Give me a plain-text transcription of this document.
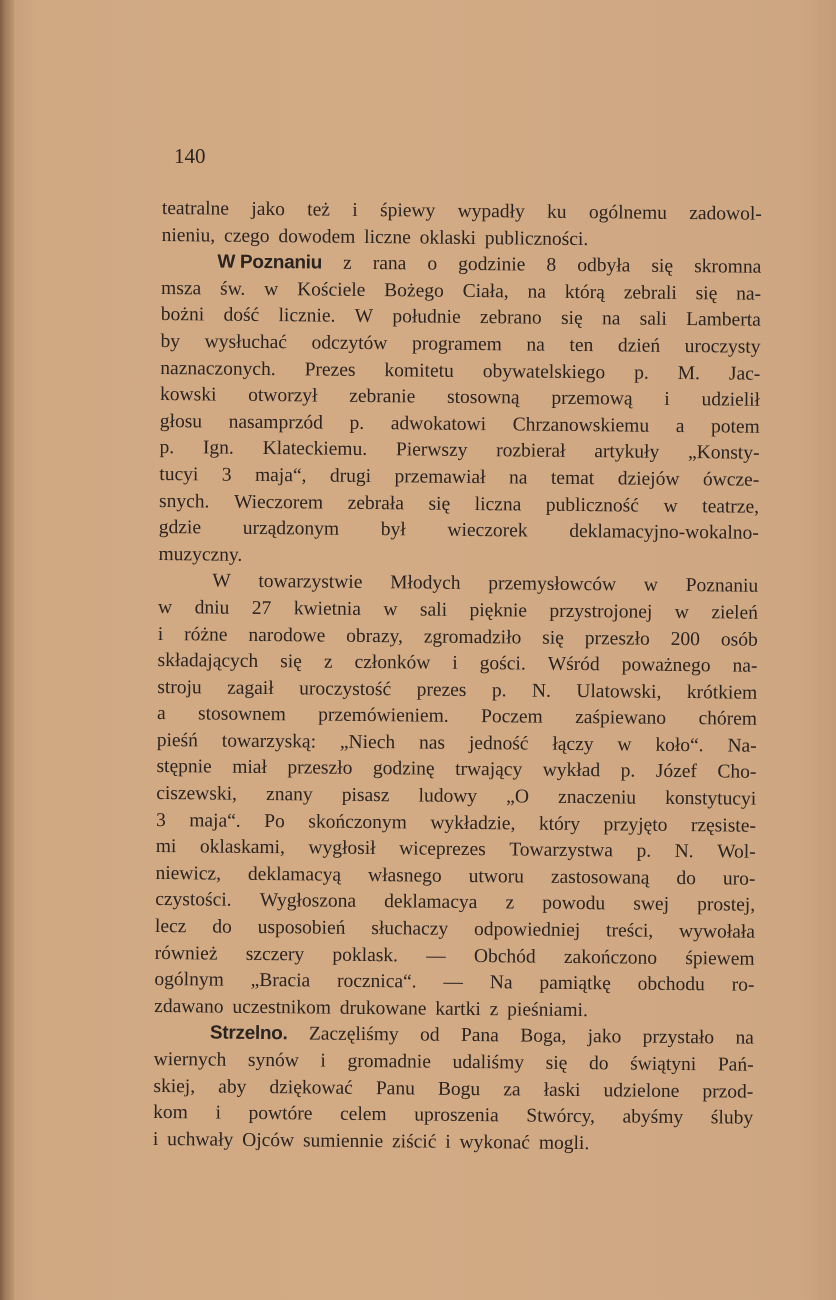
140
teatralne jako też i śpiewy wypadły ku ogólnemu zadowol-
nieniu, czego dowodem liczne oklaski publiczności.
W Poznaniu z rana o godzinie 8 odbyła się skromna
msza św. w Kościele Bożego Ciała, na którą zebrali się na-
bożni dość licznie. W południe zebrano się na sali Lamberta
by wysłuchać odczytów programem na ten dzień uroczysty
naznaczonych. Prezes komitetu obywatelskiego p. M. Jac-
kowski otworzył zebranie stosowną przemową i udzielił
głosu nasamprzód p. adwokatowi Chrzanowskiemu a potem
p. Ign. Klateckiemu. Pierwszy rozbierał artykuły „Konsty-
tucyi 3 maja“, drugi przemawiał na temat dziejów ówcze-
snych. Wieczorem zebrała się liczna publiczność w teatrze,
gdzie urządzonym był wieczorek deklamacyjno-wokalno-
muzyczny.
W towarzystwie Młodych przemysłowców w Poznaniu
w dniu 27 kwietnia w sali pięknie przystrojonej w zieleń
i różne narodowe obrazy, zgromadziło się przeszło 200 osób
składających się z członków i gości. Wśród poważnego na-
stroju zagaił uroczystość prezes p. N. Ulatowski, krótkiem
a stosownem przemówieniem. Poczem zaśpiewano chórem
pieśń towarzyską: „Niech nas jedność łączy w koło“. Na-
stępnie miał przeszło godzinę trwający wykład p. Józef Cho-
ciszewski, znany pisasz ludowy „O znaczeniu konstytucyi
3 maja“. Po skończonym wykładzie, który przyjęto rzęsiste-
mi oklaskami, wygłosił wiceprezes Towarzystwa p. N. Wol-
niewicz, deklamacyą własnego utworu zastosowaną do uro-
czystości. Wygłoszona deklamacya z powodu swej prostej,
lecz do usposobień słuchaczy odpowiedniej treści, wywołała
również szczery poklask. — Obchód zakończono śpiewem
ogólnym „Bracia rocznica“. — Na pamiątkę obchodu ro-
zdawano uczestnikom drukowane kartki z pieśniami.
Strzelno. Zaczęliśmy od Pana Boga, jako przystało na
wiernych synów i gromadnie udaliśmy się do świątyni Pań-
skiej, aby dziękować Panu Bogu za łaski udzielone przod-
kom i powtóre celem uproszenia Stwórcy, abyśmy śluby
i uchwały Ojców sumiennie ziścić i wykonać mogli.
